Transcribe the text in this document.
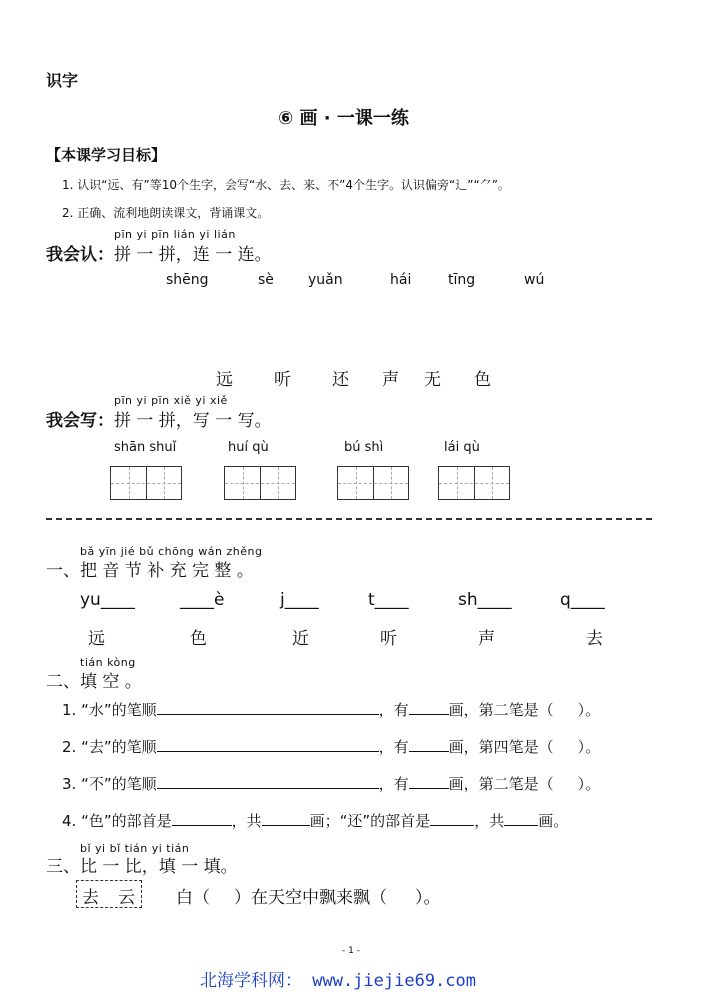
识字
⑥ 画 · 一课一练
【本课学习目标】
1. 认识“远、有”等10个生字，会写“水、去、来、不”4个生字。认识偏旁“辶”“⺈”。
2. 正确、流利地朗读课文，背诵课文。
pīn yi pīn lián yi lián
我会认： 拼 一 拼，连 一 连。
shēng	sè yuǎn	hái	tīng	wú
远 听 还 声 无 色
pīn yi pīn xiě yi xiě
我会写： 拼 一 拼，写 一 写。
shān shuǐ	huí qù	bú shì	lái qù
bǎ yīn jié bǔ chōng wán zhěng
一、 把 音 节 补 充 完 整 。
yu____	____è	j____	t____	sh____	q____
远	色	近	听	声	去
tián kòng
二、 填 空 。
1. “水”的笔顺	，有	画，第二笔是（ ）。
2. “去”的笔顺	，有	画，第四笔是（ ）。
3. “不”的笔顺	，有	画，第二笔是（ ）。
4. “色”的部首是	，共	画；“还”的部首是	，共 画。
bǐ yi bǐ tián yi tián
三、 比 一 比，填 一 填。
去 云 白（ ）在天空中飘来飘（ ）。
- 1 -
北海学科网： www.jiejie69.com
